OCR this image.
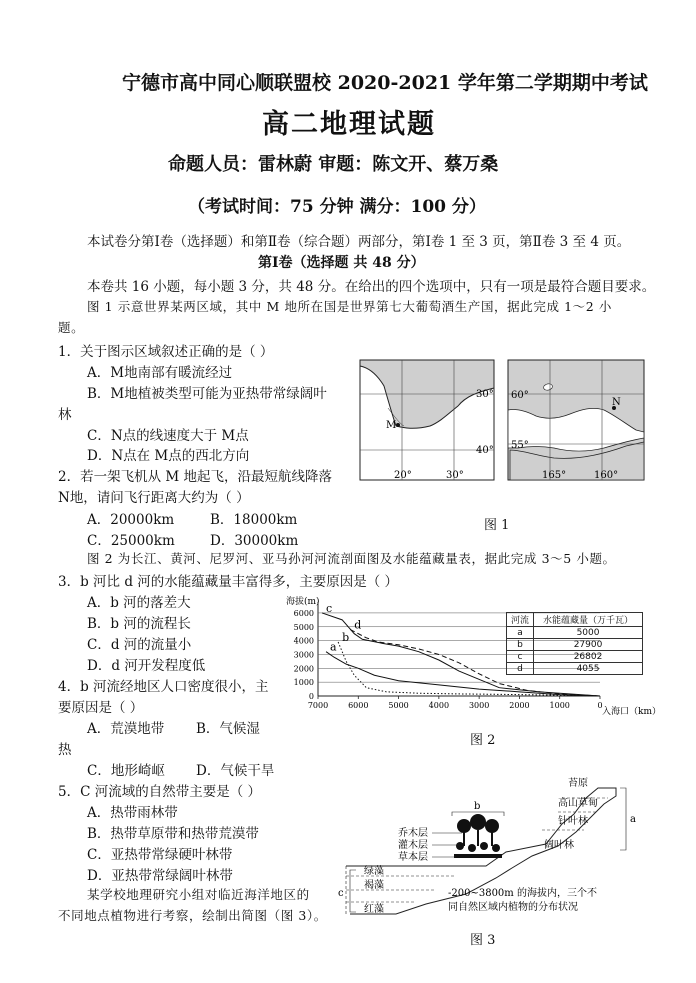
宁德市高中同心顺联盟校 2020-2021 学年第二学期期中考试
高二地理试题
命题人员：雷林蔚 审题：陈文开、蔡万桑
（考试时间：75 分钟 满分：100 分）
本试卷分第Ⅰ卷（选择题）和第Ⅱ卷（综合题）两部分，第Ⅰ卷 1 至 3 页，第Ⅱ卷 3 至 4 页。
第Ⅰ卷（选择题 共 48 分）
本卷共 16 小题，每小题 3 分，共 48 分。在给出的四个选项中，只有一项是最符合题目要求。
图 1 示意世界某两区域，其中 M 地所在国是世界第七大葡萄酒生产国，据此完成 1～2 小
题。
1．关于图示区域叙述正确的是（ ）
A．M地南部有暖流经过
B．M地植被类型可能为亚热带常绿阔叶
林
C．N点的线速度大于 M点
D．N点在 M点的西北方向
2．若一架飞机从 M 地起飞，沿最短航线降落
N地，请问飞行距离大约为（ ）
A．20000km	B．18000km
C．25000km	D．30000km
M
30°
40°
20°	30°
N
60°
55°
165°	160°
图 1
图 2 为长江、黄河、尼罗河、亚马孙河河流剖面图及水能蕴藏量表，据此完成 3～5 小题。
3．b 河比 d 河的水能蕴藏量丰富得多，主要原因是（ ）
A．b 河的落差大
B．b 河的流程长
C．d 河的流量小
D．d 河开发程度低
4．b 河流经地区人口密度很小，主
要原因是（ ）
A．荒漠地带 B．气候湿
热
C．地形崎岖 D．气候干旱
5．C 河流域的自然带主要是（ ）
A．热带雨林带
B．热带草原带和热带荒漠带
C．亚热带常绿硬叶林带
D．亚热带常绿阔叶林带
某学校地理研究小组对临近海洋地区的
不同地点植物进行考察，绘制出简图（图 3）。
海拔(m)
入海口（km）
0
1000
2000
3000
4000
5000
6000
7000 6000 5000 4000 3000 2000 1000	0
c
d
b
a
河流	水能蕴藏量（万千瓦）
a	5000
b	27900
c	26802
d	4055
图 2
a
b
c
乔木层
灌木层
草本层
苔原
高山草甸
针叶林
阔叶林
绿藻
褐藻
红藻
-200~3800m 的海拔内，三个不
同自然区域内植物的分布状况
图 3
